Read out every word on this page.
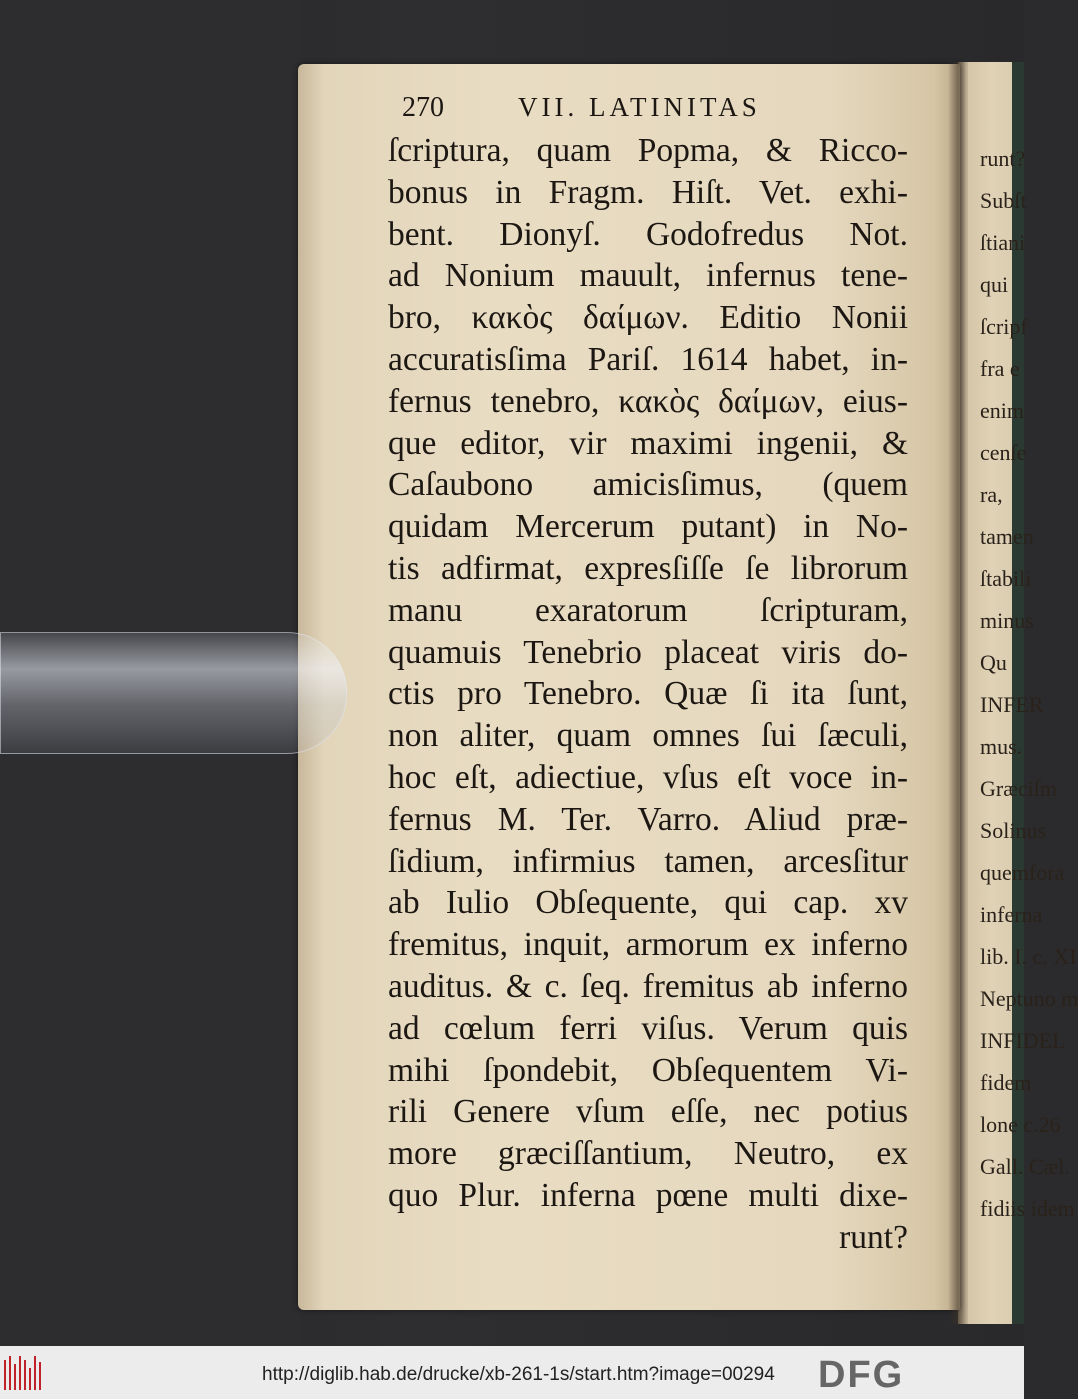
270	VII. LATINITAS
ſcriptura, quam Popma, & Ricco-
bonus in Fragm. Hiſt. Vet. exhi-
bent. Dionyſ. Godofredus Not.
ad Nonium mauult, infernus tene-
bro, κακὸς δαίμων. Editio Nonii
accuratisſima Pariſ. 1614 habet, in-
fernus tenebro, κακὸς δαίμων, eius-
que editor, vir maximi ingenii, &
Caſaubono amicisſimus, (quem
quidam Mercerum putant) in No-
tis adfirmat, expresſiſſe ſe librorum
manu exaratorum ſcripturam,
quamuis Tenebrio placeat viris do-
ctis pro Tenebro. Quæ ſi ita ſunt,
non aliter, quam omnes ſui ſæculi,
hoc eſt, adiectiue, vſus eſt voce in-
fernus M. Ter. Varro. Aliud præ-
ſidium, infirmius tamen, arcesſitur
ab Iulio Obſequente, qui cap. xv
fremitus, inquit, armorum ex inferno
auditus. & c. ſeq. fremitus ab inferno
ad cœlum ferri viſus. Verum quis
mihi ſpondebit, Obſequentem Vi-
rili Genere vſum eſſe, nec potius
more græciſſantium, Neutro, ex
quo Plur. inferna pœne multi dixe-
runt?
runt?
Subſt
ſtiani
qui
ſcripf
fra e
enim
cenſe
ra,
tamen
ſtabili
minus
Qu
INFER
mus.
Græciſm
Solinus
quemfora
inferna
lib. I. c. XI
Neptuno m
INFIDEL
fidem
lone c.26
Gall. Cæl.
fidiis idem
http://diglib.hab.de/drucke/xb-261-1s/start.htm?image=00294 DFG
